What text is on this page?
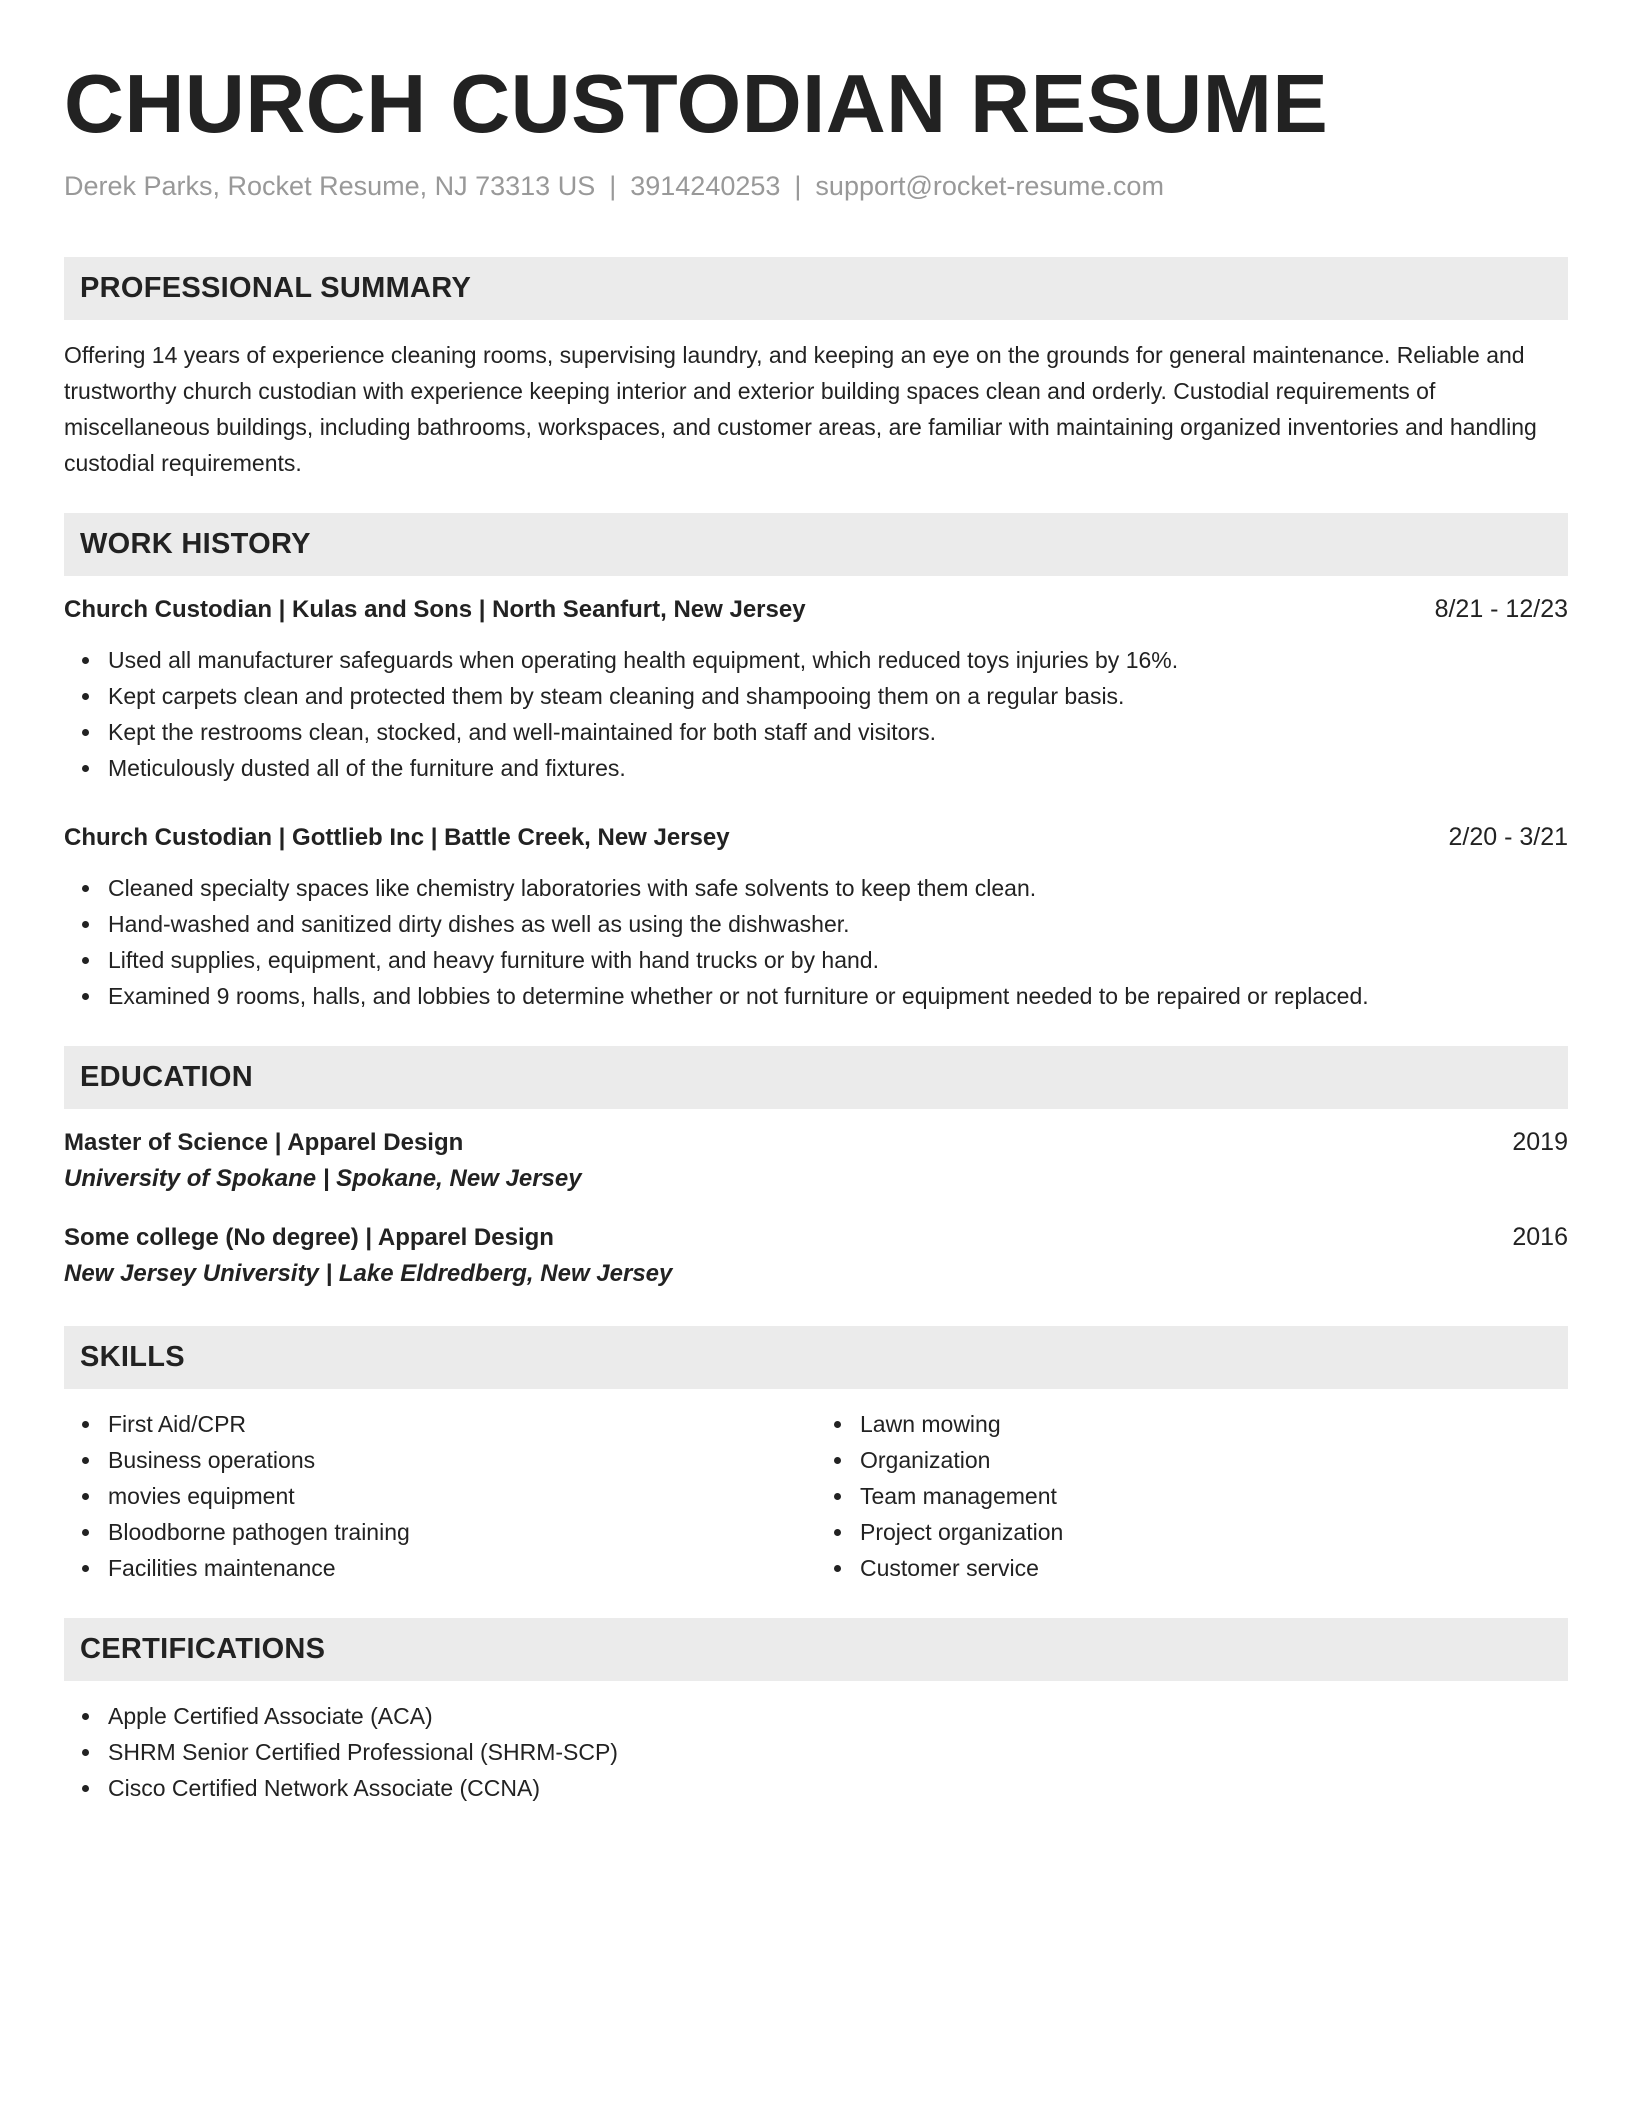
CHURCH CUSTODIAN RESUME
Derek Parks, Rocket Resume, NJ 73313 US | 3914240253 | support@rocket-resume.com
PROFESSIONAL SUMMARY
Offering 14 years of experience cleaning rooms, supervising laundry, and keeping an eye on the grounds for general maintenance. Reliable and trustworthy church custodian with experience keeping interior and exterior building spaces clean and orderly. Custodial requirements of miscellaneous buildings, including bathrooms, workspaces, and customer areas, are familiar with maintaining organized inventories and handling custodial requirements.
WORK HISTORY
Church Custodian | Kulas and Sons | North Seanfurt, New Jersey	8/21 - 12/23
Used all manufacturer safeguards when operating health equipment, which reduced toys injuries by 16%.
Kept carpets clean and protected them by steam cleaning and shampooing them on a regular basis.
Kept the restrooms clean, stocked, and well-maintained for both staff and visitors.
Meticulously dusted all of the furniture and fixtures.
Church Custodian | Gottlieb Inc | Battle Creek, New Jersey	2/20 - 3/21
Cleaned specialty spaces like chemistry laboratories with safe solvents to keep them clean.
Hand-washed and sanitized dirty dishes as well as using the dishwasher.
Lifted supplies, equipment, and heavy furniture with hand trucks or by hand.
Examined 9 rooms, halls, and lobbies to determine whether or not furniture or equipment needed to be repaired or replaced.
EDUCATION
Master of Science | Apparel Design	2019
University of Spokane | Spokane, New Jersey
Some college (No degree) | Apparel Design	2016
New Jersey University | Lake Eldredberg, New Jersey
SKILLS
First Aid/CPR
Business operations
movies equipment
Bloodborne pathogen training
Facilities maintenance
Lawn mowing
Organization
Team management
Project organization
Customer service
CERTIFICATIONS
Apple Certified Associate (ACA)
SHRM Senior Certified Professional (SHRM-SCP)
Cisco Certified Network Associate (CCNA)
